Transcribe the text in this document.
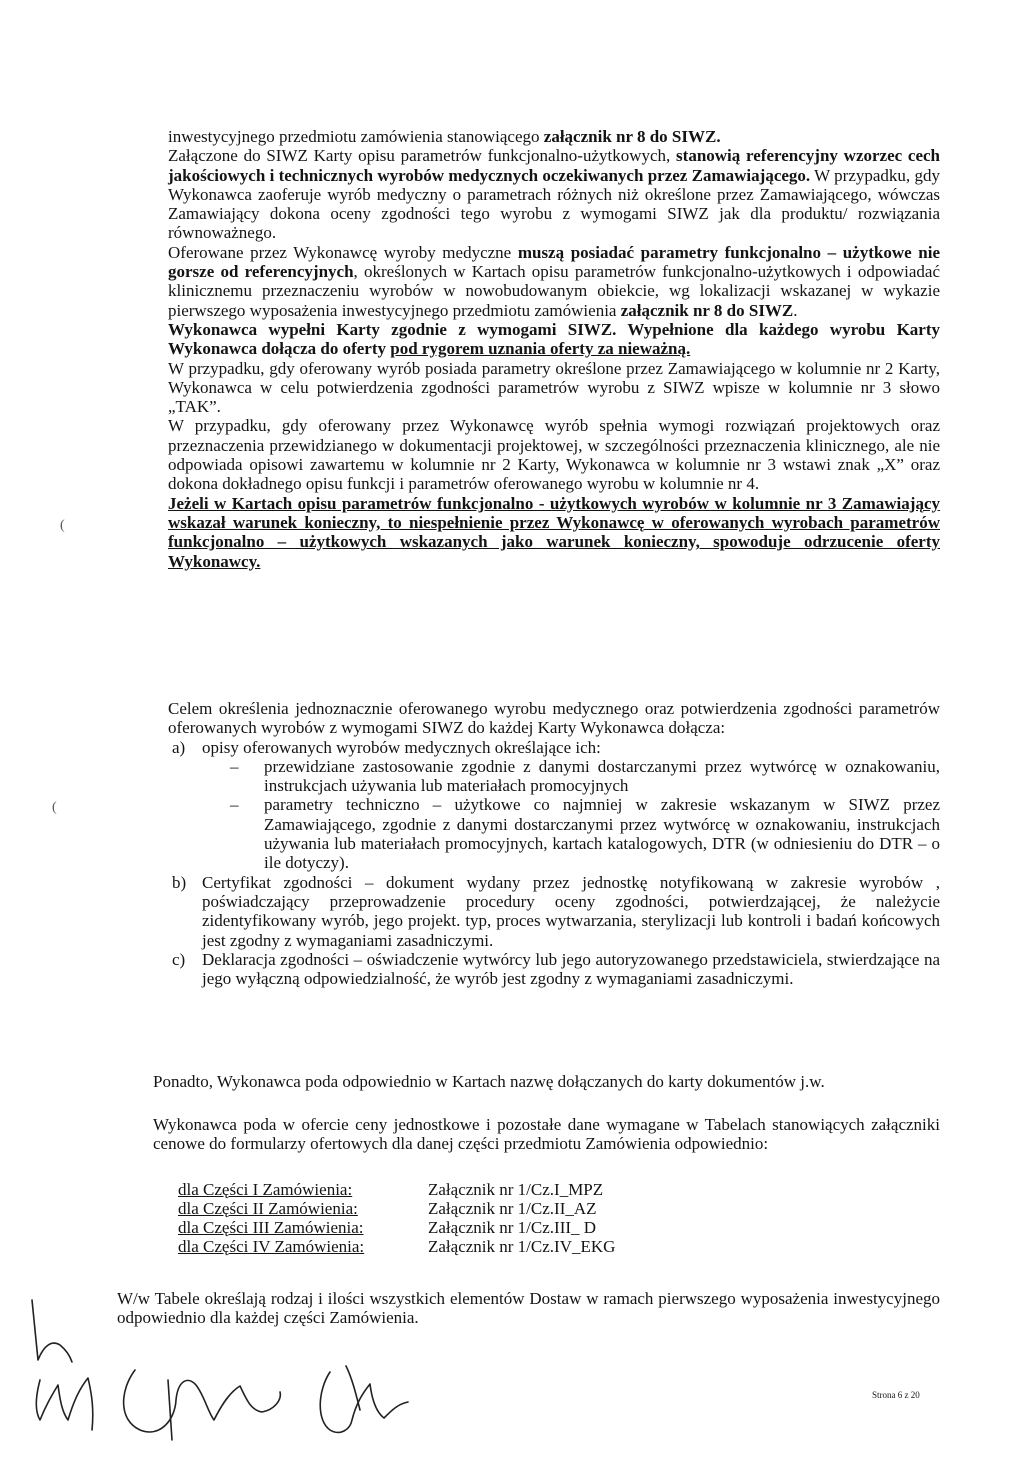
inwestycyjnego przedmiotu zamówienia stanowiącego załącznik nr 8 do SIWZ.

Załączone do SIWZ Karty opisu parametrów funkcjonalno-użytkowych, stanowią referencyjny wzorzec cech jakościowych i technicznych wyrobów medycznych oczekiwanych przez Zamawiającego. W przypadku, gdy Wykonawca zaoferuje wyrób medyczny o parametrach różnych niż określone przez Zamawiającego, wówczas Zamawiający dokona oceny zgodności tego wyrobu z wymogami SIWZ jak dla produktu/ rozwiązania równoważnego.

Oferowane przez Wykonawcę wyroby medyczne muszą posiadać parametry funkcjonalno – użytkowe nie gorsze od referencyjnych, określonych w Kartach opisu parametrów funkcjonalno-użytkowych i odpowiadać klinicznemu przeznaczeniu wyrobów w nowobudowanym obiekcie, wg lokalizacji wskazanej w wykazie pierwszego wyposażenia inwestycyjnego przedmiotu zamówienia załącznik nr 8 do SIWZ.

Wykonawca wypełni Karty zgodnie z wymogami SIWZ. Wypełnione dla każdego wyrobu Karty Wykonawca dołącza do oferty pod rygorem uznania oferty za nieważną.

W przypadku, gdy oferowany wyrób posiada parametry określone przez Zamawiającego w kolumnie nr 2 Karty, Wykonawca w celu potwierdzenia zgodności parametrów wyrobu z SIWZ wpisze w kolumnie nr 3 słowo „TAK”.

W przypadku, gdy oferowany przez Wykonawcę wyrób spełnia wymogi rozwiązań projektowych oraz przeznaczenia przewidzianego w dokumentacji projektowej, w szczególności przeznaczenia klinicznego, ale nie odpowiada opisowi zawartemu w kolumnie nr 2 Karty, Wykonawca w kolumnie nr 3 wstawi znak „X” oraz dokona dokładnego opisu funkcji i parametrów oferowanego wyrobu w kolumnie nr 4.

Jeżeli w Kartach opisu parametrów funkcjonalno - użytkowych wyrobów w kolumnie nr 3 Zamawiający wskazał warunek konieczny, to niespełnienie przez Wykonawcę w oferowanych wyrobach parametrów funkcjonalno – użytkowych wskazanych jako warunek konieczny, spowoduje odrzucenie oferty Wykonawcy.

Celem określenia jednoznacznie oferowanego wyrobu medycznego oraz potwierdzenia zgodności parametrów oferowanych wyrobów z wymogami SIWZ do każdej Karty Wykonawca dołącza:

a) opisy oferowanych wyrobów medycznych określające ich:
– przewidziane zastosowanie zgodnie z danymi dostarczanymi przez wytwórcę w oznakowaniu, instrukcjach używania lub materiałach promocyjnych
– parametry techniczno – użytkowe co najmniej w zakresie wskazanym w SIWZ przez Zamawiającego, zgodnie z danymi dostarczanymi przez wytwórcę w oznakowaniu, instrukcjach używania lub materiałach promocyjnych, kartach katalogowych, DTR (w odniesieniu do DTR – o ile dotyczy).
b) Certyfikat zgodności – dokument wydany przez jednostkę notyfikowaną w zakresie wyrobów , poświadczający przeprowadzenie procedury oceny zgodności, potwierdzającej, że należycie zidentyfikowany wyrób, jego projekt. typ, proces wytwarzania, sterylizacji lub kontroli i badań końcowych jest zgodny z wymaganiami zasadniczymi.
c) Deklaracja zgodności – oświadczenie wytwórcy lub jego autoryzowanego przedstawiciela, stwierdzające na jego wyłączną odpowiedzialność, że wyrób jest zgodny z wymaganiami zasadniczymi.

Ponadto, Wykonawca poda odpowiednio w Kartach nazwę dołączanych do karty dokumentów j.w.

Wykonawca poda w ofercie ceny jednostkowe i pozostałe dane wymagane w Tabelach stanowiących załączniki cenowe do formularzy ofertowych dla danej części przedmiotu Zamówienia odpowiednio:

dla Części I Zamówienia:	Załącznik nr 1/Cz.I_MPZ
dla Części II Zamówienia:	Załącznik nr 1/Cz.II_AZ
dla Części III Zamówienia:	Załącznik nr 1/Cz.III_ D
dla Części IV Zamówienia:	Załącznik nr 1/Cz.IV_EKG

W/w Tabele określają rodzaj i ilości wszystkich elementów Dostaw w ramach pierwszego wyposażenia inwestycyjnego odpowiednio dla każdej części Zamówienia.

(
(
Strona 6 z 20
